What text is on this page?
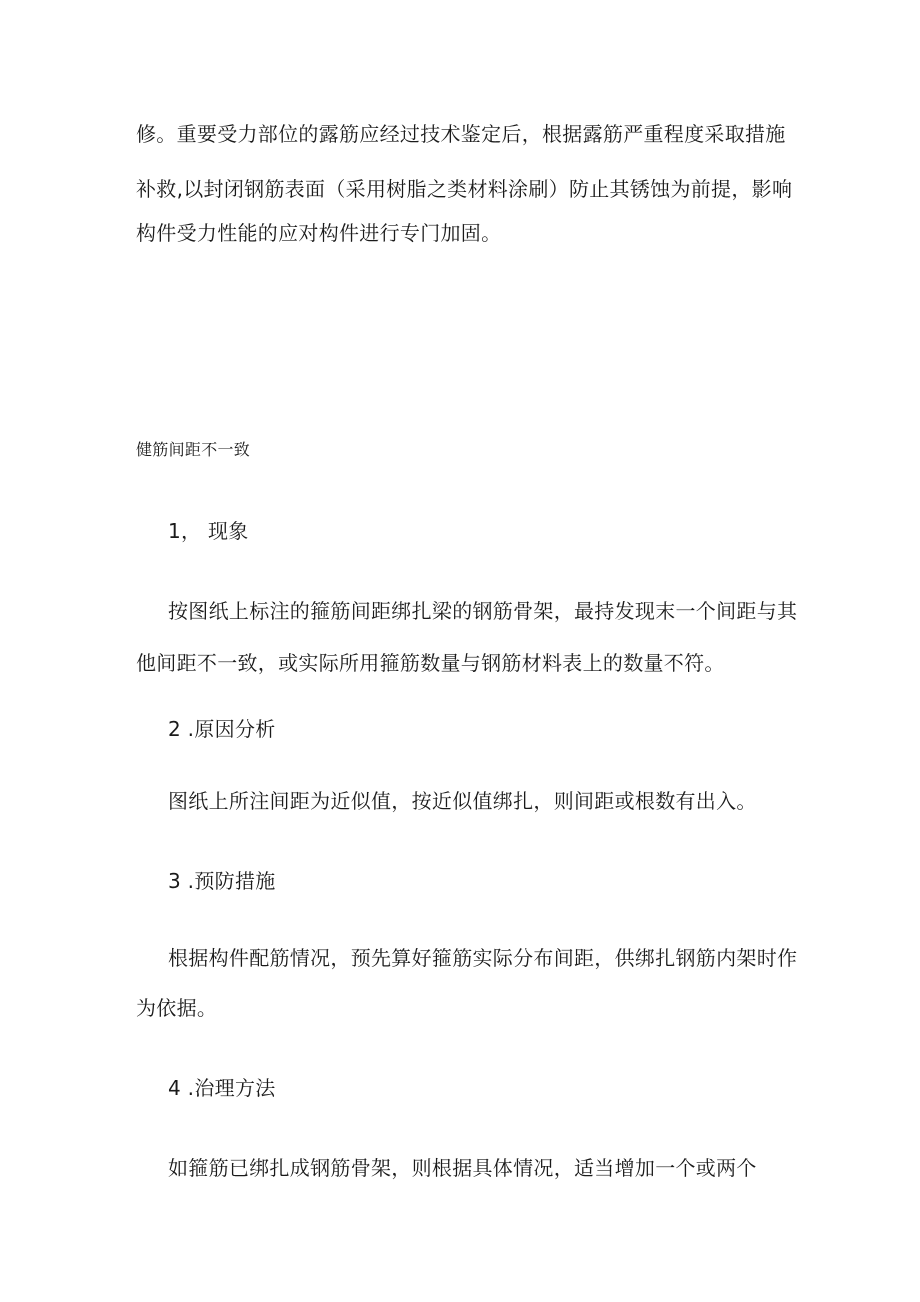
修。重要受力部位的露筋应经过技术鉴定后，根据露筋严重程度采取措施
补救,以封闭钢筋表面（采用树脂之类材料涂刷）防止其锈蚀为前提，影响
构件受力性能的应对构件进行专门加固。
健筋间距不一致
1， 现象
按图纸上标注的箍筋间距绑扎梁的钢筋骨架，最持发现末一个间距与其
他间距不一致，或实际所用箍筋数量与钢筋材料表上的数量不符。
2 .原因分析
图纸上所注间距为近似值，按近似值绑扎，则间距或根数有出入。
3 .预防措施
根据构件配筋情况，预先算好箍筋实际分布间距，供绑扎钢筋内架时作
为依据。
4 .治理方法
如箍筋已绑扎成钢筋骨架，则根据具体情况，适当增加一个或两个
